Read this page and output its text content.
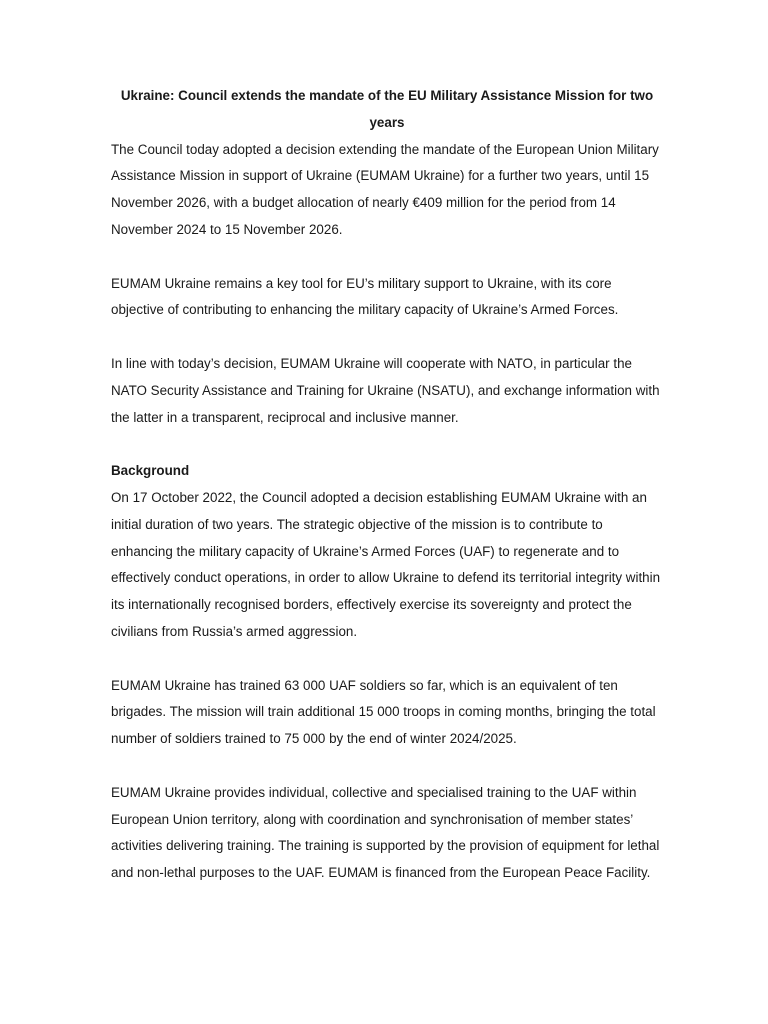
Ukraine: Council extends the mandate of the EU Military Assistance Mission for two years

The Council today adopted a decision extending the mandate of the European Union Military Assistance Mission in support of Ukraine (EUMAM Ukraine) for a further two years, until 15 November 2026, with a budget allocation of nearly €409 million for the period from 14 November 2024 to 15 November 2026.

EUMAM Ukraine remains a key tool for EU’s military support to Ukraine, with its core objective of contributing to enhancing the military capacity of Ukraine’s Armed Forces.

In line with today’s decision, EUMAM Ukraine will cooperate with NATO, in particular the NATO Security Assistance and Training for Ukraine (NSATU), and exchange information with the latter in a transparent, reciprocal and inclusive manner.

Background

On 17 October 2022, the Council adopted a decision establishing EUMAM Ukraine with an initial duration of two years. The strategic objective of the mission is to contribute to enhancing the military capacity of Ukraine’s Armed Forces (UAF) to regenerate and to effectively conduct operations, in order to allow Ukraine to defend its territorial integrity within its internationally recognised borders, effectively exercise its sovereignty and protect the civilians from Russia’s armed aggression.

EUMAM Ukraine has trained 63 000 UAF soldiers so far, which is an equivalent of ten brigades. The mission will train additional 15 000 troops in coming months, bringing the total number of soldiers trained to 75 000 by the end of winter 2024/2025.

EUMAM Ukraine provides individual, collective and specialised training to the UAF within European Union territory, along with coordination and synchronisation of member states’ activities delivering training. The training is supported by the provision of equipment for lethal and non-lethal purposes to the UAF. EUMAM is financed from the European Peace Facility.
